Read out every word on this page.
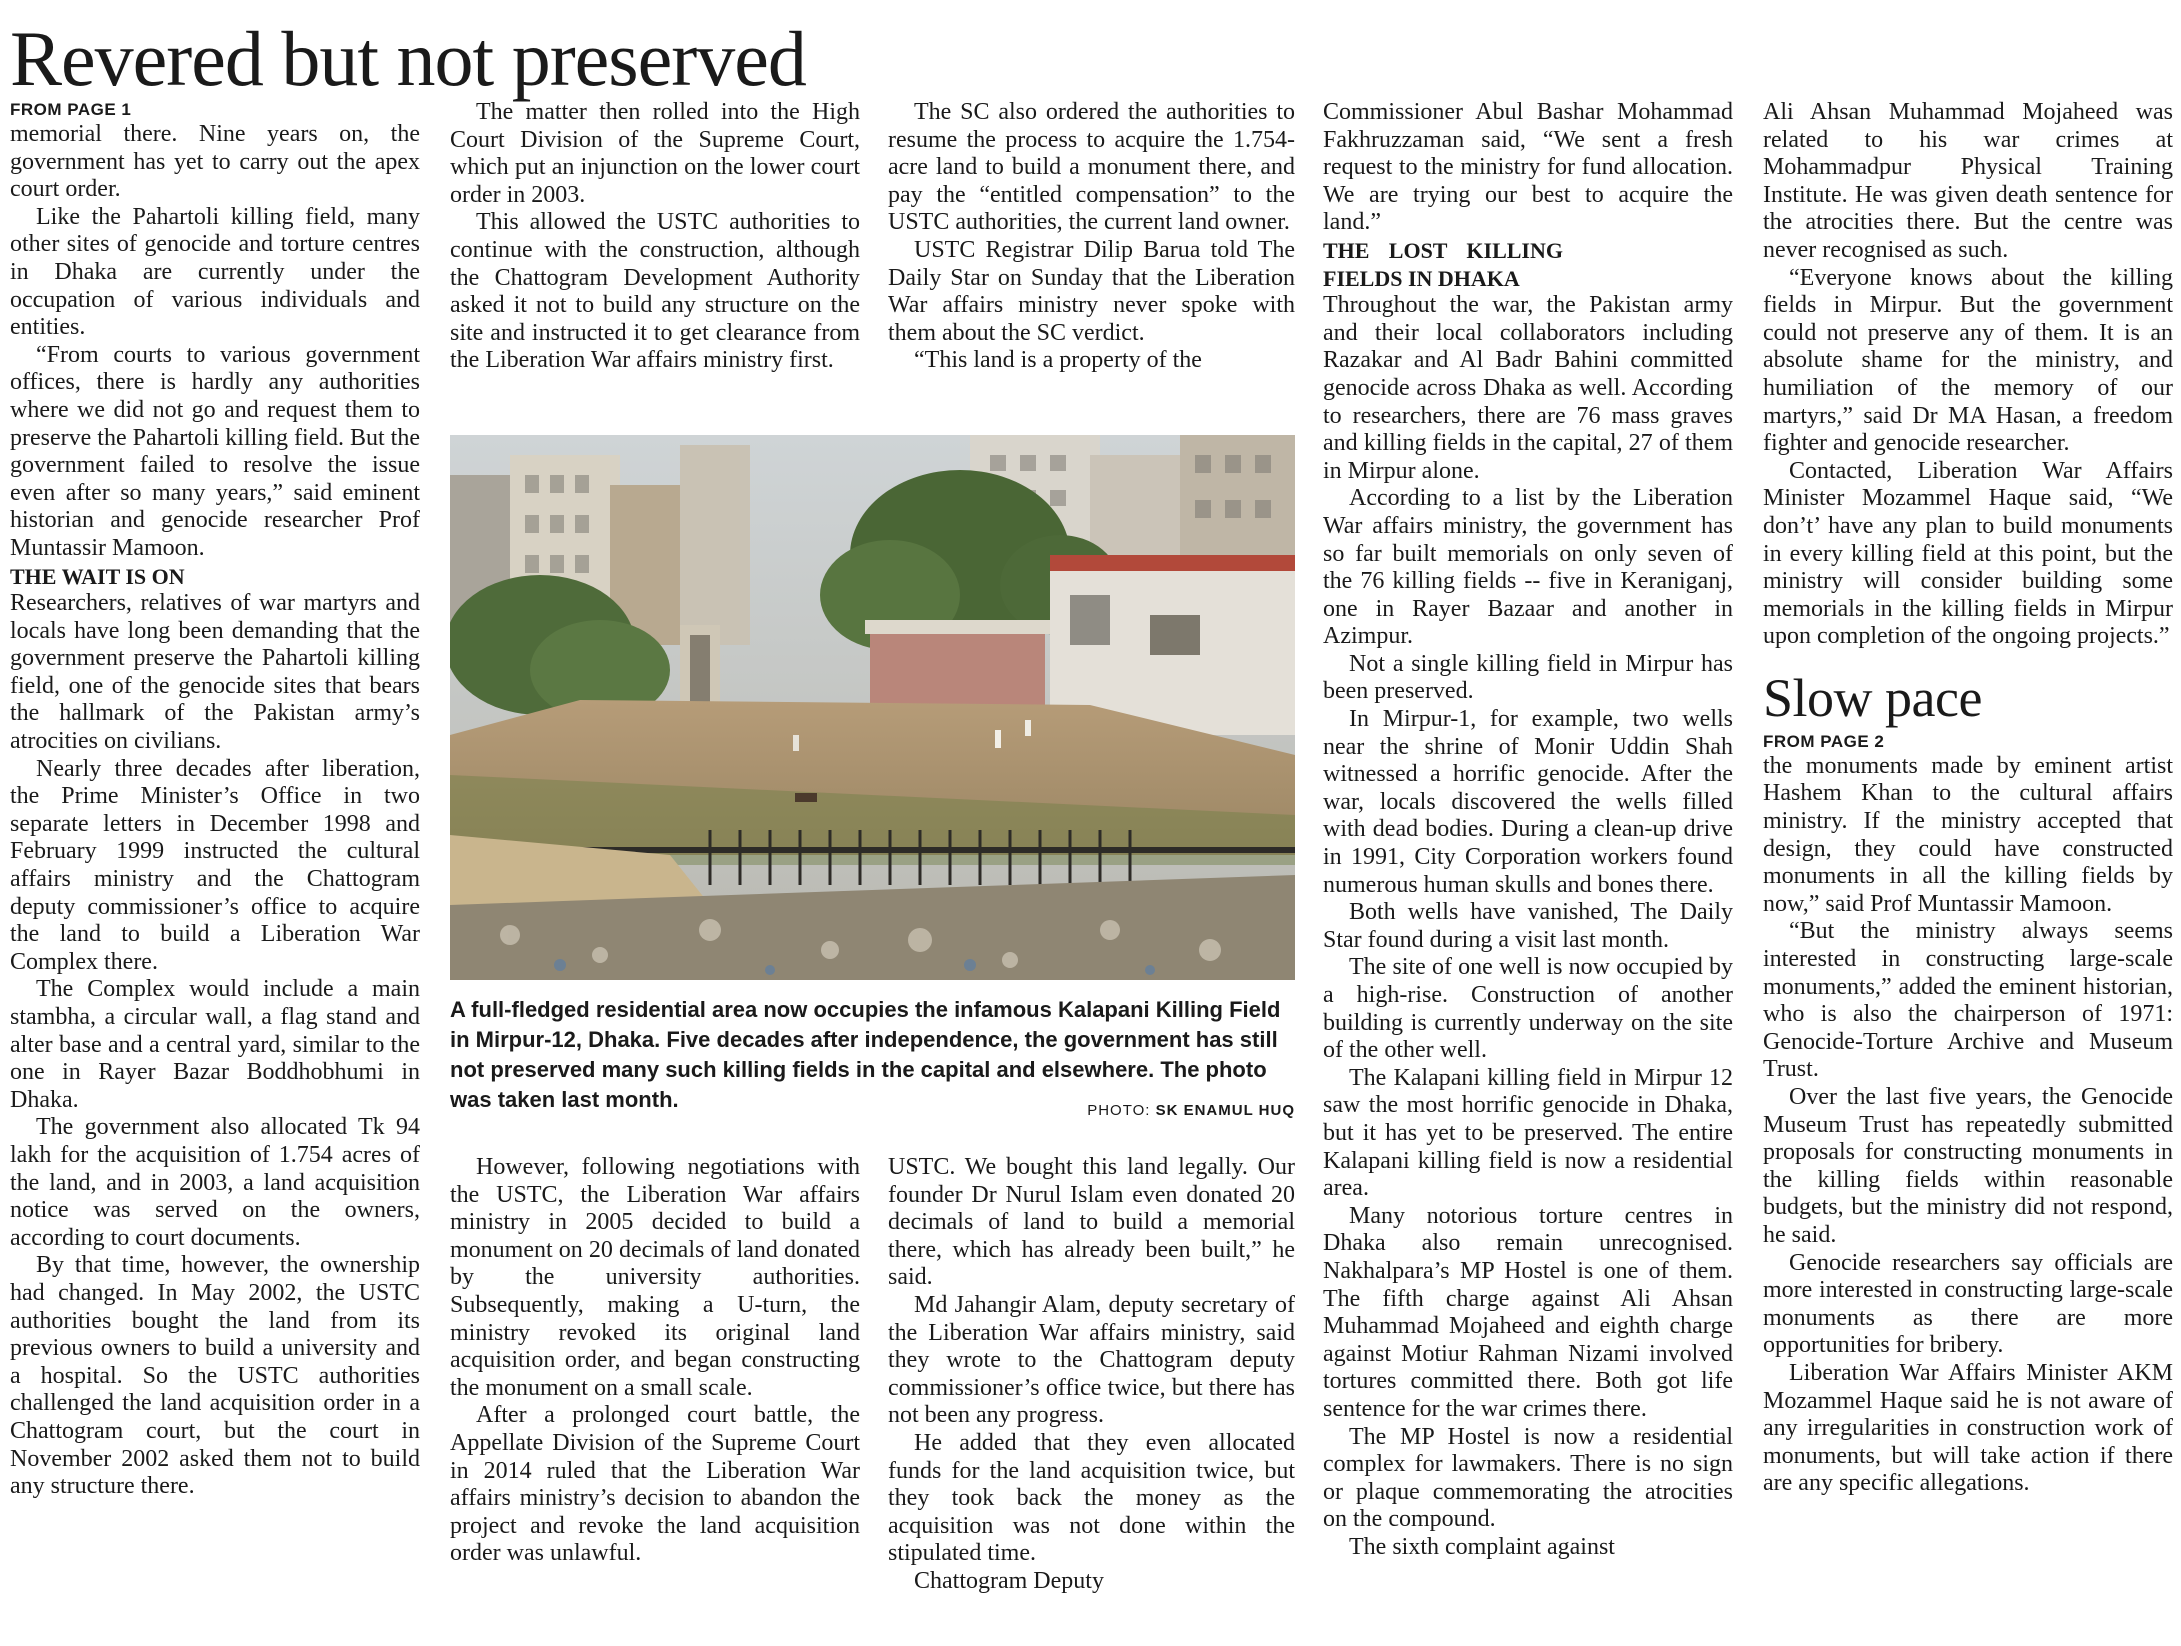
Revered but not preserved
FROM PAGE 1

memorial there. Nine years on, the government has yet to carry out the apex court order.

Like the Pahartoli killing field, many other sites of genocide and torture centres in Dhaka are currently under the occupation of various individuals and entities.

“From courts to various government offices, there is hardly any authorities where we did not go and request them to preserve the Pahartoli killing field. But the government failed to resolve the issue even after so many years,” said eminent historian and genocide researcher Prof Muntassir Mamoon.

THE WAIT IS ON

Researchers, relatives of war martyrs and locals have long been demanding that the government preserve the Pahartoli killing field, one of the genocide sites that bears the hallmark of the Pakistan army’s atrocities on civilians.

Nearly three decades after liberation, the Prime Minister’s Office in two separate letters in December 1998 and February 1999 instructed the cultural affairs ministry and the Chattogram deputy commissioner’s office to acquire the land to build a Liberation War Complex there.

The Complex would include a main stambha, a circular wall, a flag stand and alter base and a central yard, similar to the one in Rayer Bazar Boddhobhumi in Dhaka.

The government also allocated Tk 94 lakh for the acquisition of 1.754 acres of the land, and in 2003, a land acquisition notice was served on the owners, according to court documents.

By that time, however, the ownership had changed. In May 2002, the USTC authorities bought the land from its previous owners to build a university and a hospital. So the USTC authorities challenged the land acquisition order in a Chattogram court, but the court in November 2002 asked them not to build any structure there.

The matter then rolled into the High Court Division of the Supreme Court, which put an injunction on the lower court order in 2003.

This allowed the USTC authorities to continue with the construction, although the Chattogram Development Authority asked it not to build any structure on the site and instructed it to get clearance from the Liberation War affairs ministry first.

The SC also ordered the authorities to resume the process to acquire the 1.754-acre land to build a monument there, and pay the “entitled compensation” to the USTC authorities, the current land owner.

USTC Registrar Dilip Barua told The Daily Star on Sunday that the Liberation War affairs ministry never spoke with them about the SC verdict.

“This land is a property of the

A full-fledged residential area now occupies the infamous Kalapani Killing Field in Mirpur-12, Dhaka. Five decades after independence, the government has still not preserved many such killing fields in the capital and elsewhere. The photo was taken last month.	PHOTO: SK ENAMUL HUQ

However, following negotiations with the USTC, the Liberation War affairs ministry in 2005 decided to build a monument on 20 decimals of land donated by the university authorities. Subsequently, making a U-turn, the ministry revoked its original land acquisition order, and began constructing the monument on a small scale.

After a prolonged court battle, the Appellate Division of the Supreme Court in 2014 ruled that the Liberation War affairs ministry’s decision to abandon the project and revoke the land acquisition order was unlawful.

USTC. We bought this land legally. Our founder Dr Nurul Islam even donated 20 decimals of land to build a memorial there, which has already been built,” he said.

Md Jahangir Alam, deputy secretary of the Liberation War affairs ministry, said they wrote to the Chattogram deputy commissioner’s office twice, but there has not been any progress.

He added that they even allocated funds for the land acquisition twice, but they took back the money as the acquisition was not done within the stipulated time.

Chattogram Deputy

Commissioner Abul Bashar Mohammad Fakhruzzaman said, “We sent a fresh request to the ministry for fund allocation. We are trying our best to acquire the land.”

THE LOST KILLING FIELDS IN DHAKA

Throughout the war, the Pakistan army and their local collaborators including Razakar and Al Badr Bahini committed genocide across Dhaka as well. According to researchers, there are 76 mass graves and killing fields in the capital, 27 of them in Mirpur alone.

According to a list by the Liberation War affairs ministry, the government has so far built memorials on only seven of the 76 killing fields -- five in Keraniganj, one in Rayer Bazaar and another in Azimpur.

Not a single killing field in Mirpur has been preserved.

In Mirpur-1, for example, two wells near the shrine of Monir Uddin Shah witnessed a horrific genocide. After the war, locals discovered the wells filled with dead bodies. During a clean-up drive in 1991, City Corporation workers found numerous human skulls and bones there.

Both wells have vanished, The Daily Star found during a visit last month.

The site of one well is now occupied by a high-rise. Construction of another building is currently underway on the site of the other well.

The Kalapani killing field in Mirpur 12 saw the most horrific genocide in Dhaka, but it has yet to be preserved. The entire Kalapani killing field is now a residential area.

Many notorious torture centres in Dhaka also remain unrecognised. Nakhalpara’s MP Hostel is one of them. The fifth charge against Ali Ahsan Muhammad Mojaheed and eighth charge against Motiur Rahman Nizami involved tortures committed there. Both got life sentence for the war crimes there.

The MP Hostel is now a residential complex for lawmakers. There is no sign or plaque commemorating the atrocities on the compound.

The sixth complaint against

Ali Ahsan Muhammad Mojaheed was related to his war crimes at Mohammadpur Physical Training Institute. He was given death sentence for the atrocities there. But the centre was never recognised as such.

“Everyone knows about the killing fields in Mirpur. But the government could not preserve any of them. It is an absolute shame for the ministry, and humiliation of the memory of our martyrs,” said Dr MA Hasan, a freedom fighter and genocide researcher.

Contacted, Liberation War Affairs Minister Mozammel Haque said, “We don’t’ have any plan to build monuments in every killing field at this point, but the ministry will consider building some memorials in the killing fields in Mirpur upon completion of the ongoing projects.”

Slow pace
FROM PAGE 2

the monuments made by eminent artist Hashem Khan to the cultural affairs ministry. If the ministry accepted that design, they could have constructed monuments in all the killing fields by now,” said Prof Muntassir Mamoon.

“But the ministry always seems interested in constructing large-scale monuments,” added the eminent historian, who is also the chairperson of 1971: Genocide-Torture Archive and Museum Trust.

Over the last five years, the Genocide Museum Trust has repeatedly submitted proposals for constructing monuments in the killing fields within reasonable budgets, but the ministry did not respond, he said.

Genocide researchers say officials are more interested in constructing large-scale monuments as there are more opportunities for bribery.

Liberation War Affairs Minister AKM Mozammel Haque said he is not aware of any irregularities in construction work of monuments, but will take action if there are any specific allegations.
